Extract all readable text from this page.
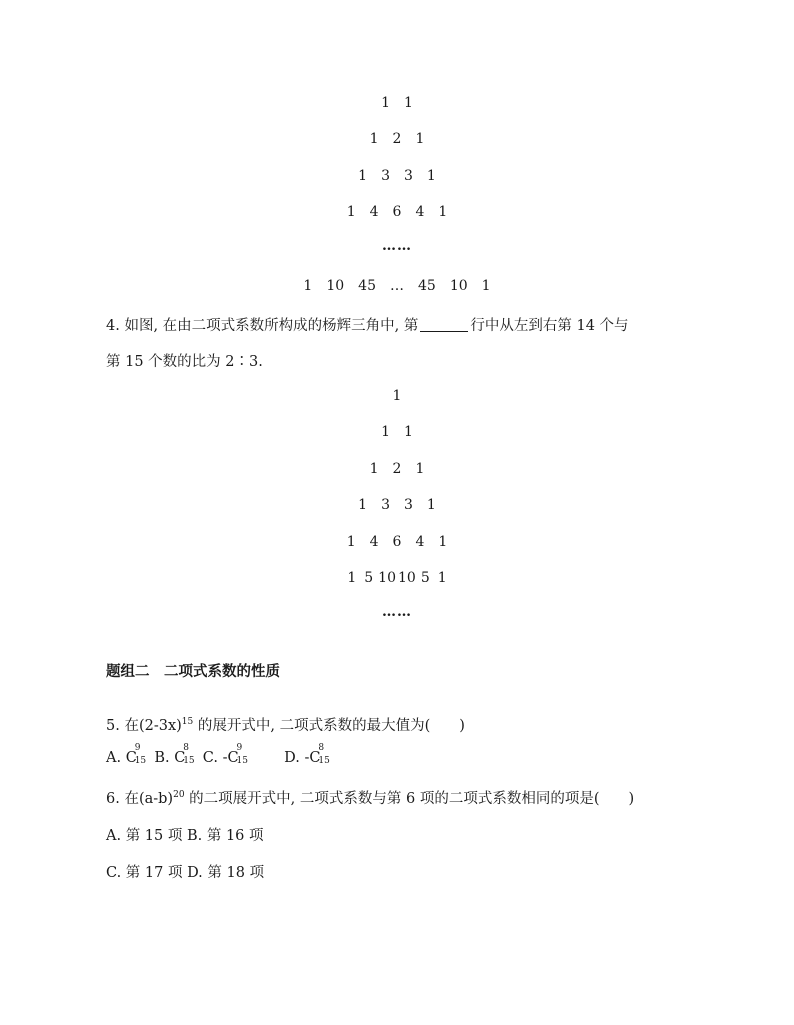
1 1
1 2 1
1 3 3 1
1 4 6 4 1
……
1 10 45 … 45 10 1
4. 如图, 在由二项式系数所构成的杨辉三角中, 第	行中从左到右第 14 个与
第 15 个数的比为 2∶3.
1
1 1
1 2 1
1 3 3 1
1 4 6 4 1
1 5 10 10 5 1
……
题组二　二项式系数的性质
5. 在$(2-3x)^{15}$ 的展开式中, 二项式系数的最大值为(　　)
A. C
9
15 B. C
8
15 C. -C
9
15 D. -C
8
15
6. 在$(a-b)^{20}$ 的二项展开式中, 二项式系数与第 6 项的二项式系数相同的项是(　　)
A. 第 15 项 B. 第 16 项
C. 第 17 项 D. 第 18 项
